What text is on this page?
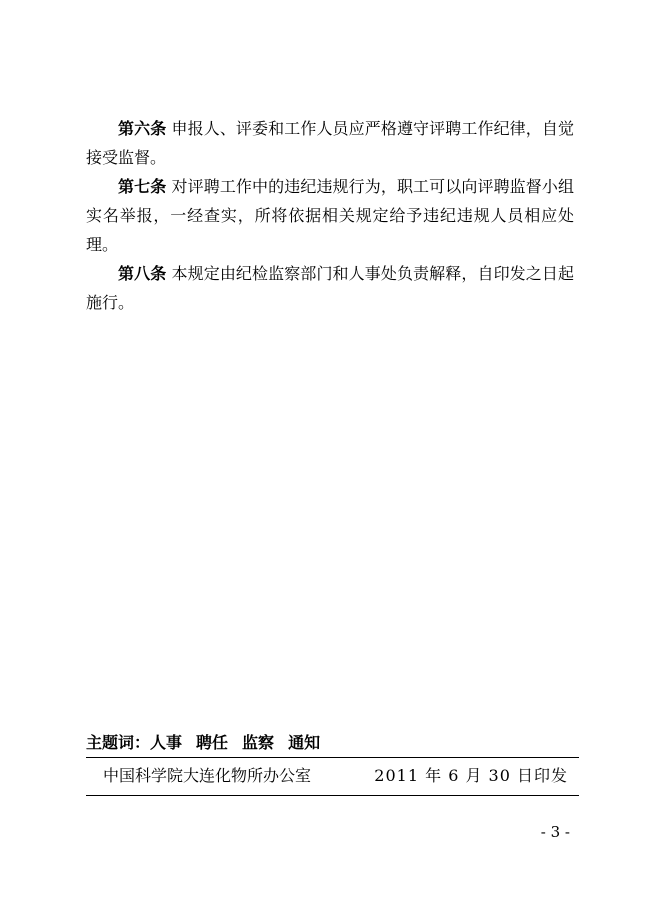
第六条 申报人、评委和工作人员应严格遵守评聘工作纪律，自觉接受监督。

第七条 对评聘工作中的违纪违规行为，职工可以向评聘监督小组实名举报，一经查实，所将依据相关规定给予违纪违规人员相应处理。

第八条 本规定由纪检监察部门和人事处负责解释，自印发之日起施行。

主题词：人事 聘任 监察 通知
中国科学院大连化物所办公室	2011 年 6 月 30 日印发
- 3 -
